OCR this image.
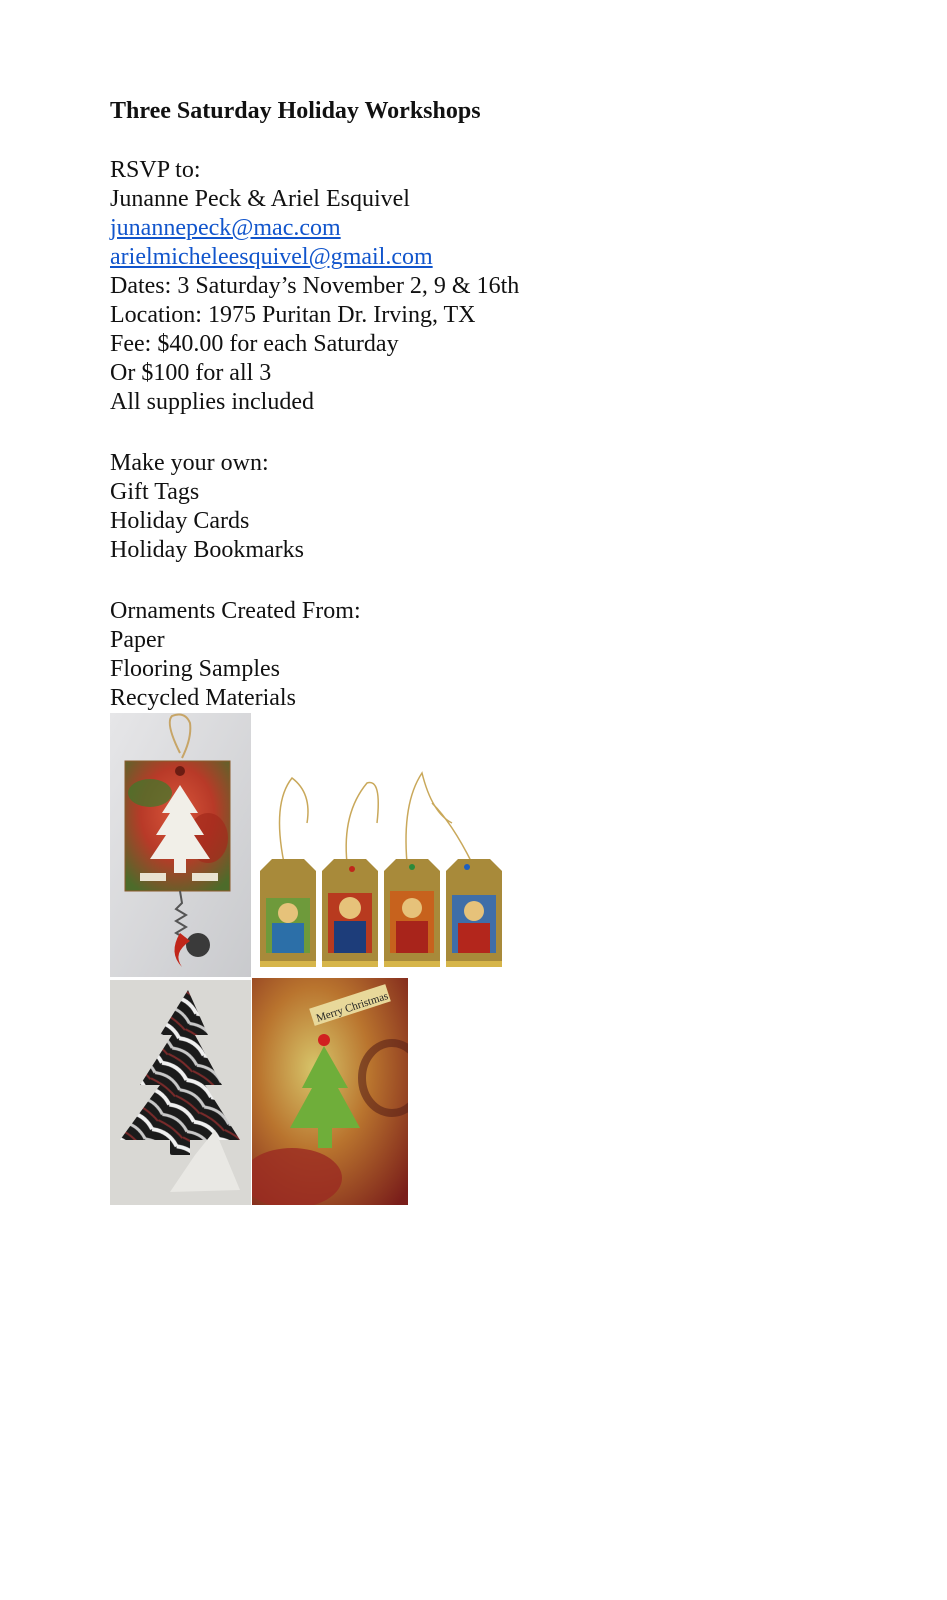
Three Saturday Holiday Workshops

RSVP to:

Junanne Peck & Ariel Esquivel

junannepeck@mac.com

arielmicheleesquivel@gmail.com

Dates: 3 Saturday’s November 2, 9 & 16th

Location: 1975 Puritan Dr. Irving, TX

Fee: $40.00 for each Saturday

Or $100 for all 3

All supplies included

Make your own:

Gift Tags

Holiday Cards

Holiday Bookmarks

Ornaments Created From:

Paper

Flooring Samples

Recycled Materials

Merry Christmas
